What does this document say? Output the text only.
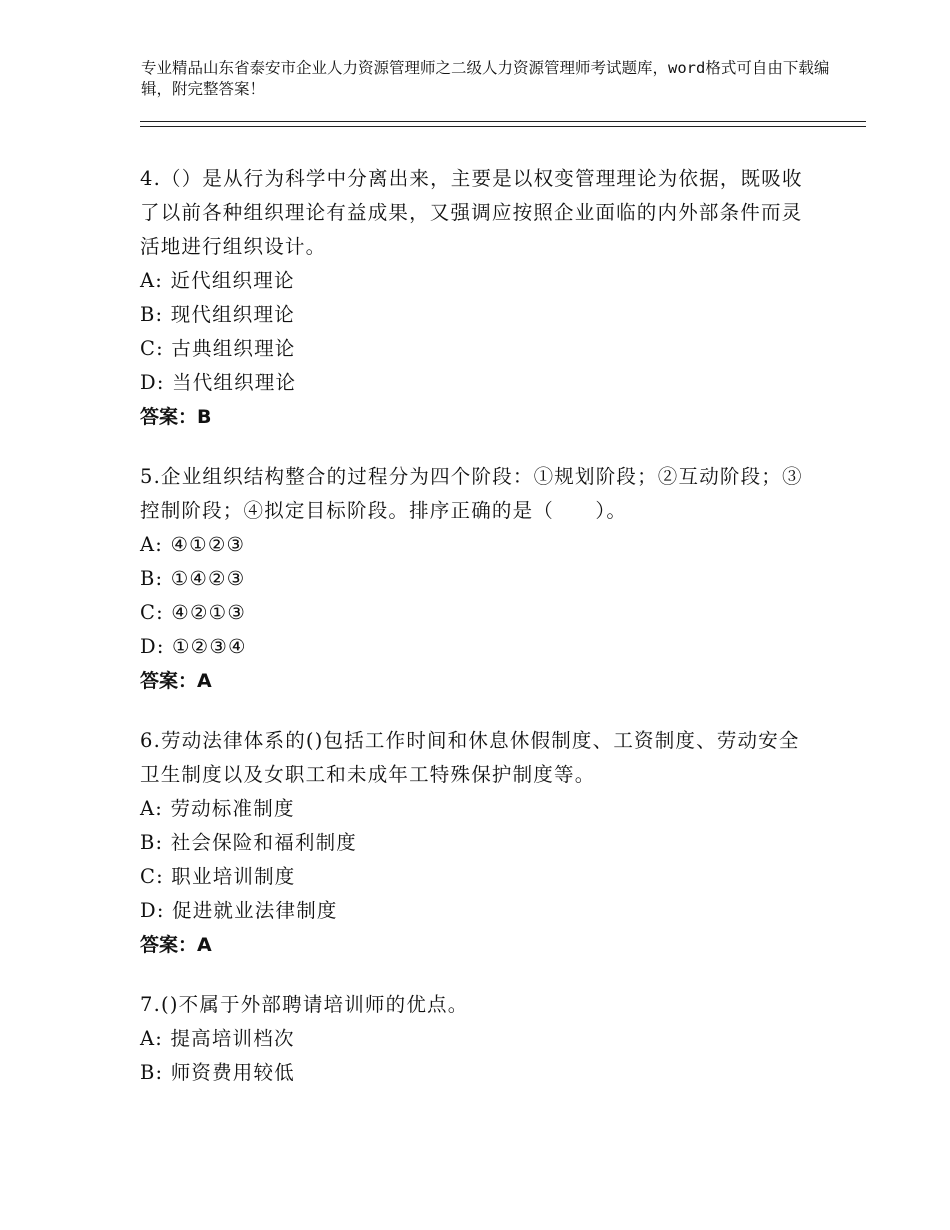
专业精品山东省泰安市企业人力资源管理师之二级人力资源管理师考试题库，word格式可自由下载编辑，附完整答案！

4.（）是从行为科学中分离出来，主要是以权变管理理论为依据，既吸收了以前各种组织理论有益成果，又强调应按照企业面临的内外部条件而灵活地进行组织设计。

A: 近代组织理论
B: 现代组织理论
C: 古典组织理论
D: 当代组织理论
答案：B

5.企业组织结构整合的过程分为四个阶段：①规划阶段；②互动阶段；③控制阶段；④拟定目标阶段。排序正确的是（　　）。

A: ④①②③
B: ①④②③
C: ④②①③
D: ①②③④
答案：A

6.劳动法律体系的()包括工作时间和休息休假制度、工资制度、劳动安全卫生制度以及女职工和未成年工特殊保护制度等。

A: 劳动标准制度
B: 社会保险和福利制度
C: 职业培训制度
D: 促进就业法律制度
答案：A

7.()不属于外部聘请培训师的优点。

A: 提高培训档次
B: 师资费用较低
